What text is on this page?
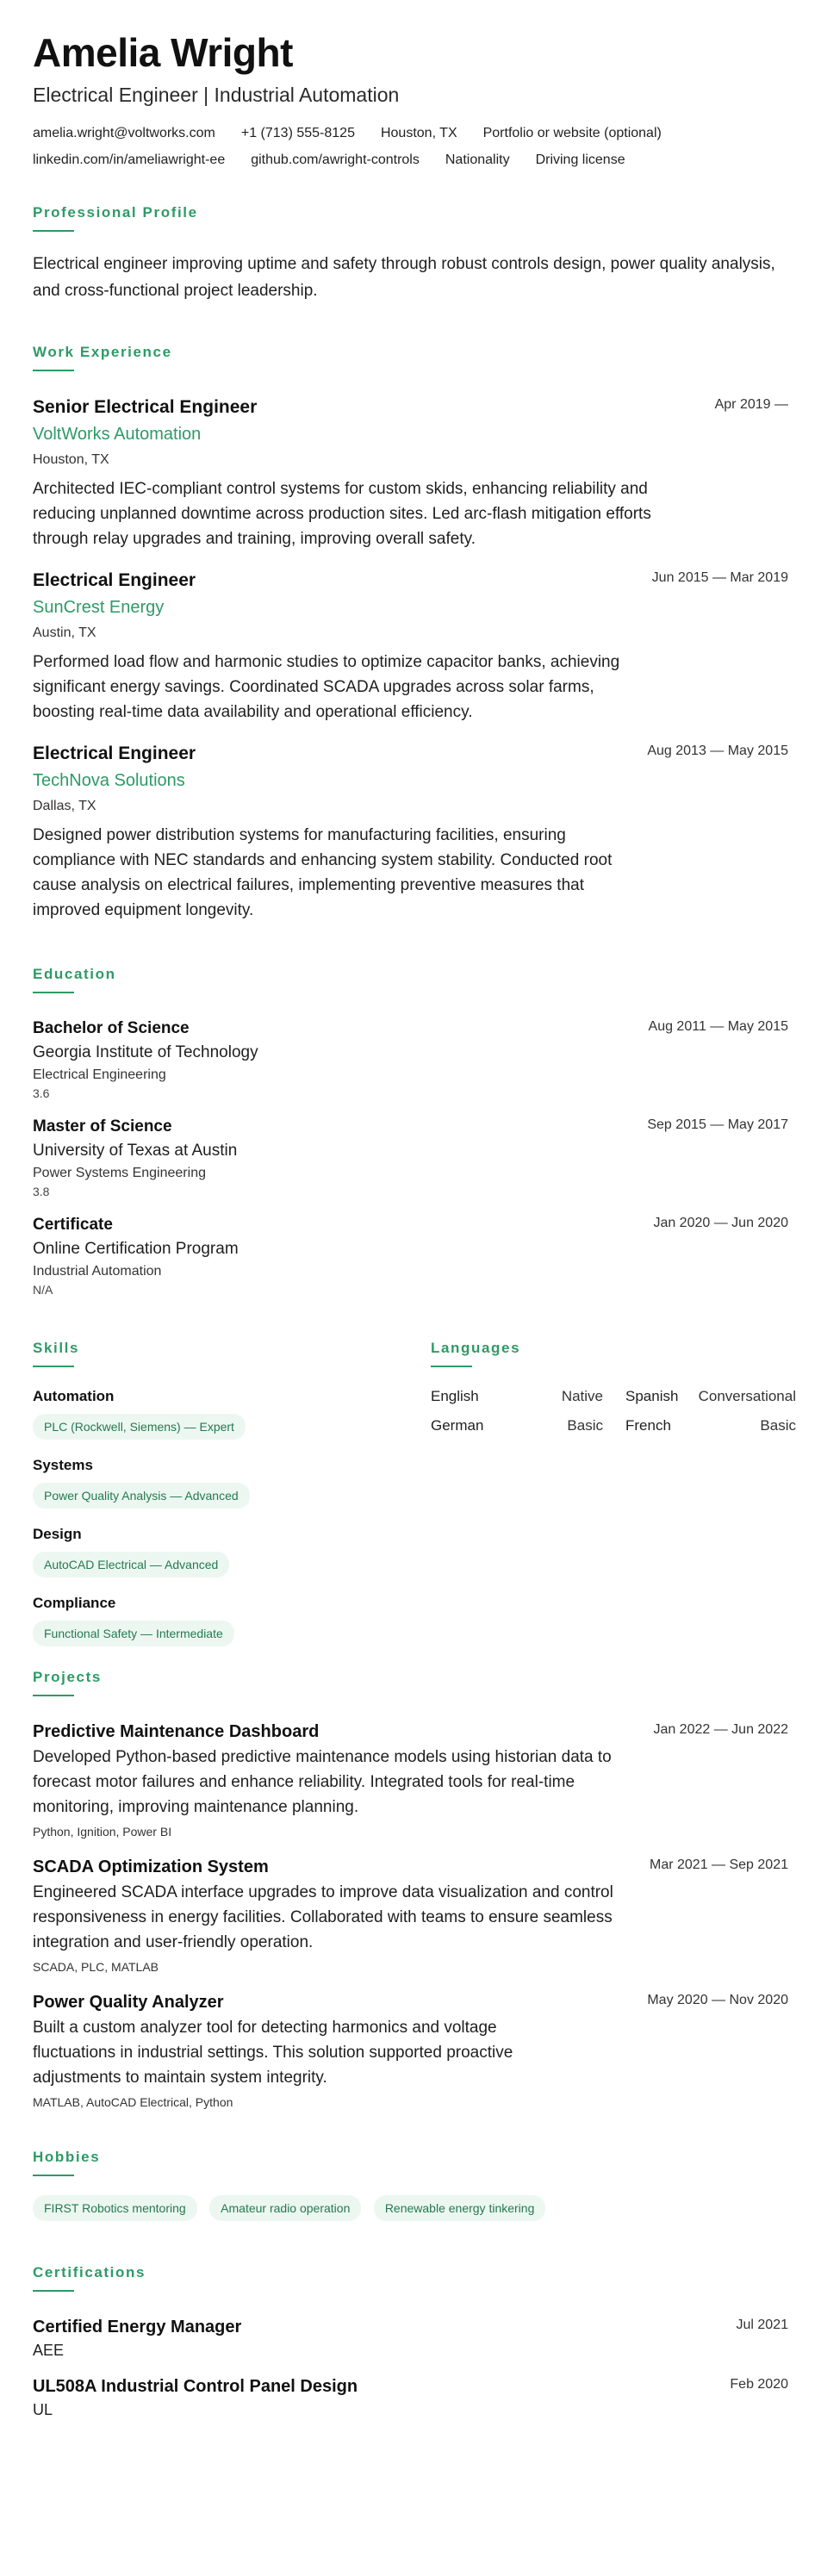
Amelia Wright
Electrical Engineer | Industrial Automation
amelia.wright@voltworks.com +1 (713) 555-8125 Houston, TX Portfolio or website (optional)
linkedin.com/in/ameliawright-ee github.com/awright-controls Nationality Driving license
Professional Profile
Electrical engineer improving uptime and safety through robust controls design, power quality analysis, and cross-functional project leadership.
Work Experience
Apr 2019 —
Senior Electrical Engineer
VoltWorks Automation
Houston, TX
Architected IEC-compliant control systems for custom skids, enhancing reliability and reducing unplanned downtime across production sites. Led arc-flash mitigation efforts through relay upgrades and training, improving overall safety.
Jun 2015 — Mar 2019
Electrical Engineer
SunCrest Energy
Austin, TX
Performed load flow and harmonic studies to optimize capacitor banks, achieving significant energy savings. Coordinated SCADA upgrades across solar farms, boosting real-time data availability and operational efficiency.
Aug 2013 — May 2015
Electrical Engineer
TechNova Solutions
Dallas, TX
Designed power distribution systems for manufacturing facilities, ensuring compliance with NEC standards and enhancing system stability. Conducted root cause analysis on electrical failures, implementing preventive measures that improved equipment longevity.
Education
Aug 2011 — May 2015
Bachelor of Science
Georgia Institute of Technology
Electrical Engineering
3.6
Sep 2015 — May 2017
Master of Science
University of Texas at Austin
Power Systems Engineering
3.8
Jan 2020 — Jun 2020
Certificate
Online Certification Program
Industrial Automation
N/A
Skills
Automation
PLC (Rockwell, Siemens) — Expert
Systems
Power Quality Analysis — Advanced
Design
AutoCAD Electrical — Advanced
Compliance
Functional Safety — Intermediate
Languages
English	Native	Spanish Conversational
German	Basic	French	Basic
Projects
Jan 2022 — Jun 2022
Predictive Maintenance Dashboard
Developed Python-based predictive maintenance models using historian data to forecast motor failures and enhance reliability. Integrated tools for real-time monitoring, improving maintenance planning.
Python, Ignition, Power BI
Mar 2021 — Sep 2021
SCADA Optimization System
Engineered SCADA interface upgrades to improve data visualization and control responsiveness in energy facilities. Collaborated with teams to ensure seamless integration and user-friendly operation.
SCADA, PLC, MATLAB
May 2020 — Nov 2020
Power Quality Analyzer
Built a custom analyzer tool for detecting harmonics and voltage fluctuations in industrial settings. This solution supported proactive adjustments to maintain system integrity.
MATLAB, AutoCAD Electrical, Python
Hobbies
FIRST Robotics mentoring	Amateur radio operation	Renewable energy tinkering
Certifications
Jul 2021
Certified Energy Manager
AEE
Feb 2020
UL508A Industrial Control Panel Design
UL
